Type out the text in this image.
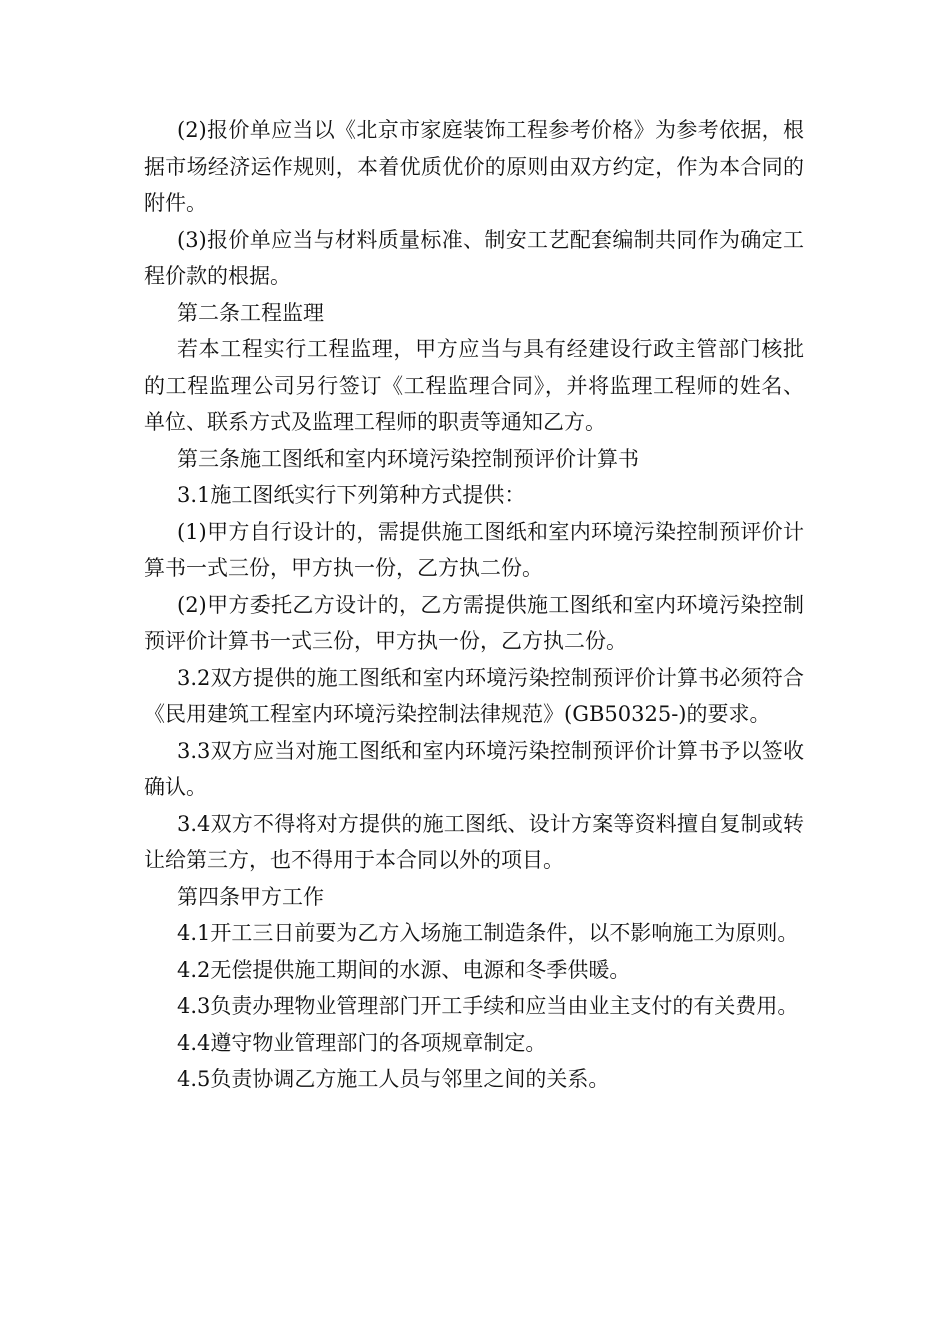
(2)报价单应当以《北京市家庭装饰工程参考价格》为参考依据，根据市场经济运作规则，本着优质优价的原则由双方约定，作为本合同的附件。

(3)报价单应当与材料质量标准、制安工艺配套编制共同作为确定工程价款的根据。

第二条工程监理

若本工程实行工程监理，甲方应当与具有经建设行政主管部门核批的工程监理公司另行签订《工程监理合同》，并将监理工程师的姓名、单位、联系方式及监理工程师的职责等通知乙方。

第三条施工图纸和室内环境污染控制预评价计算书

3.1施工图纸实行下列第种方式提供：

(1)甲方自行设计的，需提供施工图纸和室内环境污染控制预评价计算书一式三份，甲方执一份，乙方执二份。

(2)甲方委托乙方设计的，乙方需提供施工图纸和室内环境污染控制预评价计算书一式三份，甲方执一份，乙方执二份。

3.2双方提供的施工图纸和室内环境污染控制预评价计算书必须符合《民用建筑工程室内环境污染控制法律规范》(GB50325-)的要求。

3.3双方应当对施工图纸和室内环境污染控制预评价计算书予以签收确认。

3.4双方不得将对方提供的施工图纸、设计方案等资料擅自复制或转让给第三方，也不得用于本合同以外的项目。

第四条甲方工作

4.1开工三日前要为乙方入场施工制造条件，以不影响施工为原则。

4.2无偿提供施工期间的水源、电源和冬季供暖。

4.3负责办理物业管理部门开工手续和应当由业主支付的有关费用。

4.4遵守物业管理部门的各项规章制定。

4.5负责协调乙方施工人员与邻里之间的关系。
